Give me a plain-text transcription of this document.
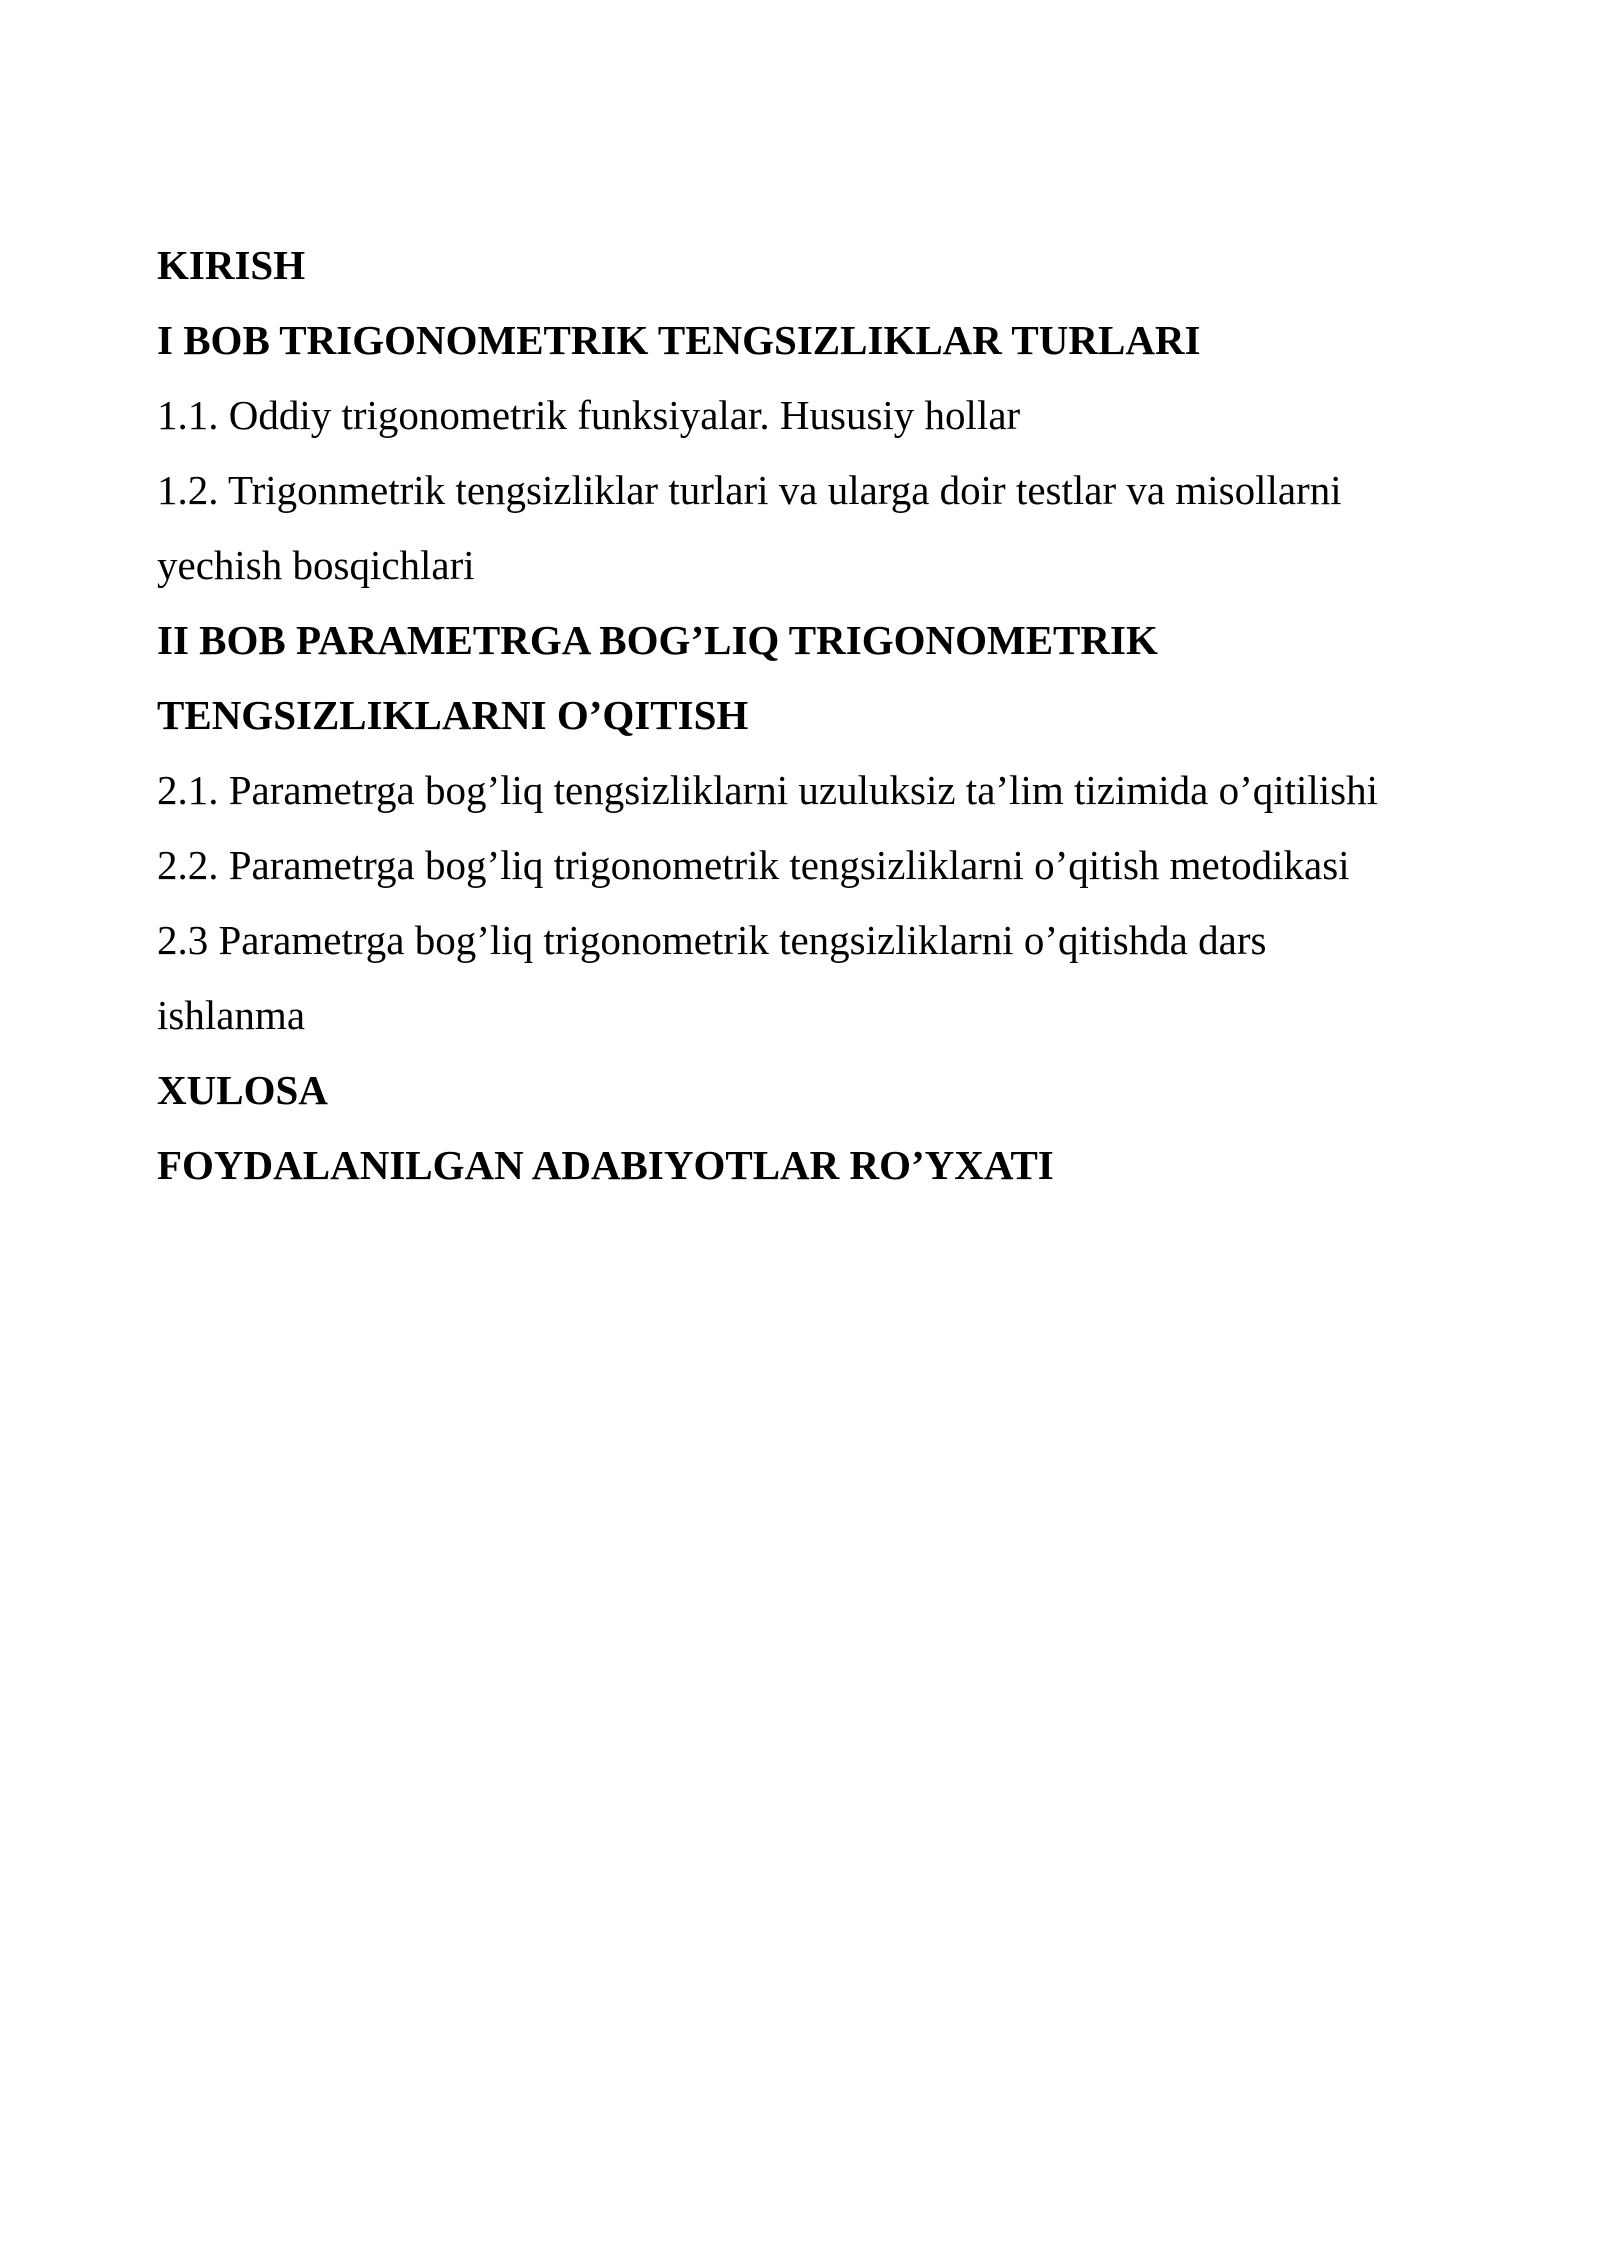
KIRISH
I BOB TRIGONOMETRIK TENGSIZLIKLAR TURLARI
1.1. Oddiy trigonometrik funksiyalar. Hususiy hollar
1.2. Trigonmetrik tengsizliklar turlari va ularga doir testlar va misollarni
yechish bosqichlari
II BOB PARAMETRGA BOG’LIQ TRIGONOMETRIK
TENGSIZLIKLARNI O’QITISH
2.1. Parametrga bog’liq tengsizliklarni uzuluksiz ta’lim tizimida o’qitilishi
2.2. Parametrga bog’liq trigonometrik tengsizliklarni o’qitish metodikasi
2.3 Parametrga bog’liq trigonometrik tengsizliklarni o’qitishda dars
ishlanma
XULOSA
FOYDALANILGAN ADABIYOTLAR RO’YXATI
